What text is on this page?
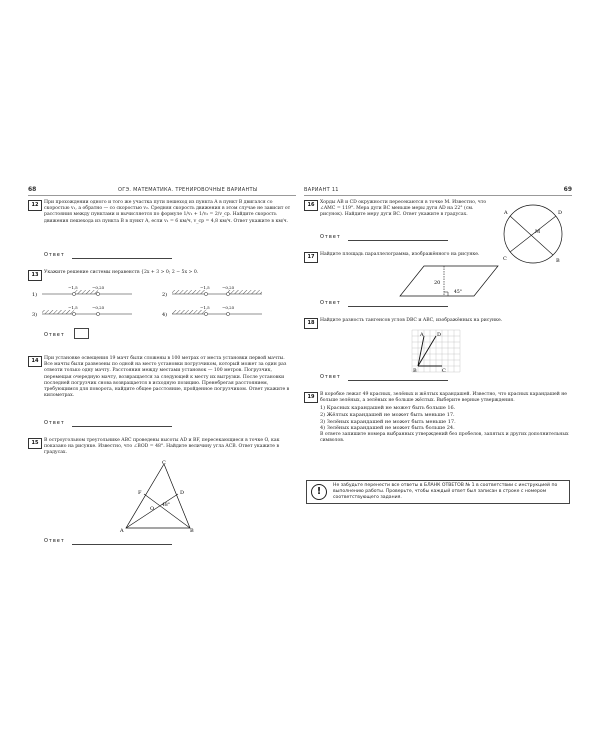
68	ОГЭ. МАТЕМАТИКА. ТРЕНИРОВОЧНЫЕ ВАРИАНТЫ
12	При прохождении одного и того же участка пути пешеход из пункта A в пункт B двигался со скоростью v₁, а обратно — со скоростью v₂. Средняя скорость движения в этом случае не зависит от расстояния между пунктами и вычисляется по формуле 1/v₁ + 1/v₂ = 2/v_ср. Найдите скорость движения пешехода из пункта B в пункт A, если v₁ = 6 км/ч, v_ср = 4,8 км/ч. Ответ укажите в км/ч.
Ответ
13	Укажите решение системы неравенств {2x + 3 > 0; 2 − 5x > 0.
1)
−1,5	−0,25
2)
−1,5	−0,25
3)
−1,5	−0,25
4)
−1,5	−0,25
Ответ
14	При установке освещения 19 мачт были сложены в 100 метрах от места установки первой мачты. Все мачты были развезены по одной на место установки погрузчиком, который может за один раз отвезти только одну мачту. Расстояния между местами установок — 100 метров. Погрузчик, перемещая очередную мачту, возвращается за следующей к месту их выгрузки. После установки последней погрузчик снова возвращается в исходную позицию. Пренебрегая расстоянием, требующимся для поворота, найдите общее расстояние, пройденное погрузчиком. Ответ укажите в километрах.
Ответ
15	В остроугольном треугольнике ABC проведены высоты AD и BF, пересекающиеся в точке O, как показано на рисунке. Известно, что ∠BOD = 48°. Найдите величину угла ACB. Ответ укажите в градусах.
C
F
O
D
A	B
48°
Ответ
ВАРИАНТ 11	69
16	Хорды AB и CD окружности пересекаются в точке M. Известно, что ∠AMC = 119°. Мера дуги BC меньше меры дуги AD на 22° (см. рисунок). Найдите меру дуги BC. Ответ укажите в градусах.
Ответ
A	D
M
C	B
17	Найдите площадь параллелограмма, изображённого на рисунке.
20
45°
Ответ
18	Найдите разность тангенсов углов DBC и ABC, изображённых на рисунке.
A	D
B	C
Ответ
19	В коробке лежат 49 красных, зелёных и жёлтых карандашей. Известно, что красных карандашей не больше зелёных, а зелёных не больше жёлтых. Выберите верные утверждения.
1) Красных карандашей не может быть больше 16.
2) Жёлтых карандашей не может быть меньше 17.
3) Зелёных карандашей не может быть меньше 17.
4) Зелёных карандашей не может быть больше 24.
В ответе запишите номера выбранных утверждений без пробелов, запятых и других дополнительных символов.
!
Не забудьте перенести все ответы в БЛАНК ОТВЕТОВ № 1 в соответствии с инструкцией по выполнению работы. Проверьте, чтобы каждый ответ был записан в строке с номером соответствующего задания.
